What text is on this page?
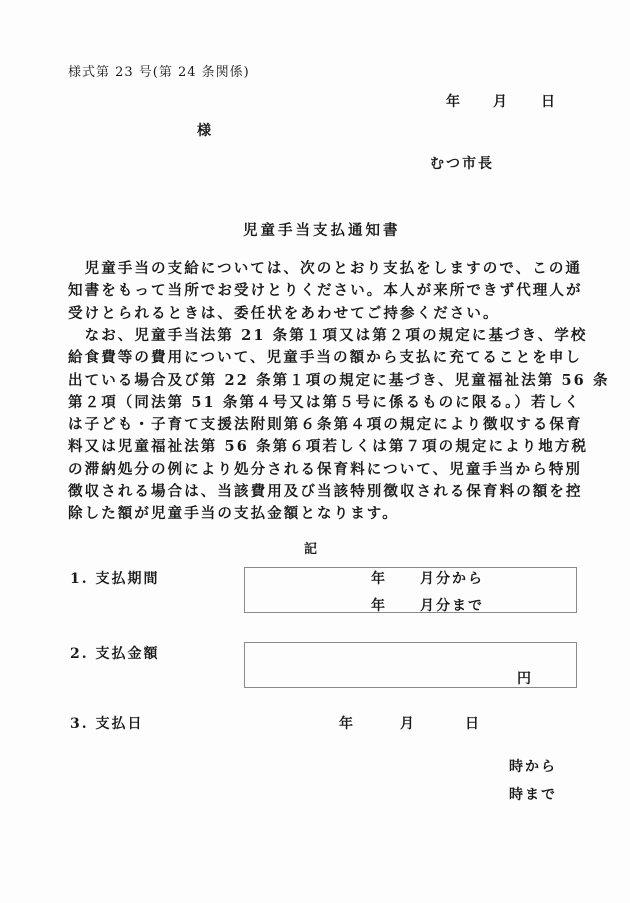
様式第 23 号(第 24 条関係)
年 月 日
様
むつ市長
児童手当支払通知書
　児童手当の支給については、次のとおり支払をしますので、この通
知書をもって当所でお受けとりください。本人が来所できず代理人が
受けとられるときは、委任状をあわせてご持参ください。
　なお、児童手当法第 21 条第１項又は第２項の規定に基づき、学校
給食費等の費用について、児童手当の額から支払に充てることを申し
出ている場合及び第 22 条第１項の規定に基づき、児童福祉法第 56 条
第２項（同法第 51 条第４号又は第５号に係るものに限る。）若しく
は子ども・子育て支援法附則第６条第４項の規定により徴収する保育
料又は児童福祉法第 56 条第６項若しくは第７項の規定により地方税
の滞納処分の例により処分される保育料について、児童手当から特別
徴収される場合は、当該費用及び当該特別徴収される保育料の額を控
除した額が児童手当の支払金額となります。
記
1. 支払期間	年 月分から
年 月分まで
2. 支払金額
円
3. 支払日	年	月	日
時から
時まで
